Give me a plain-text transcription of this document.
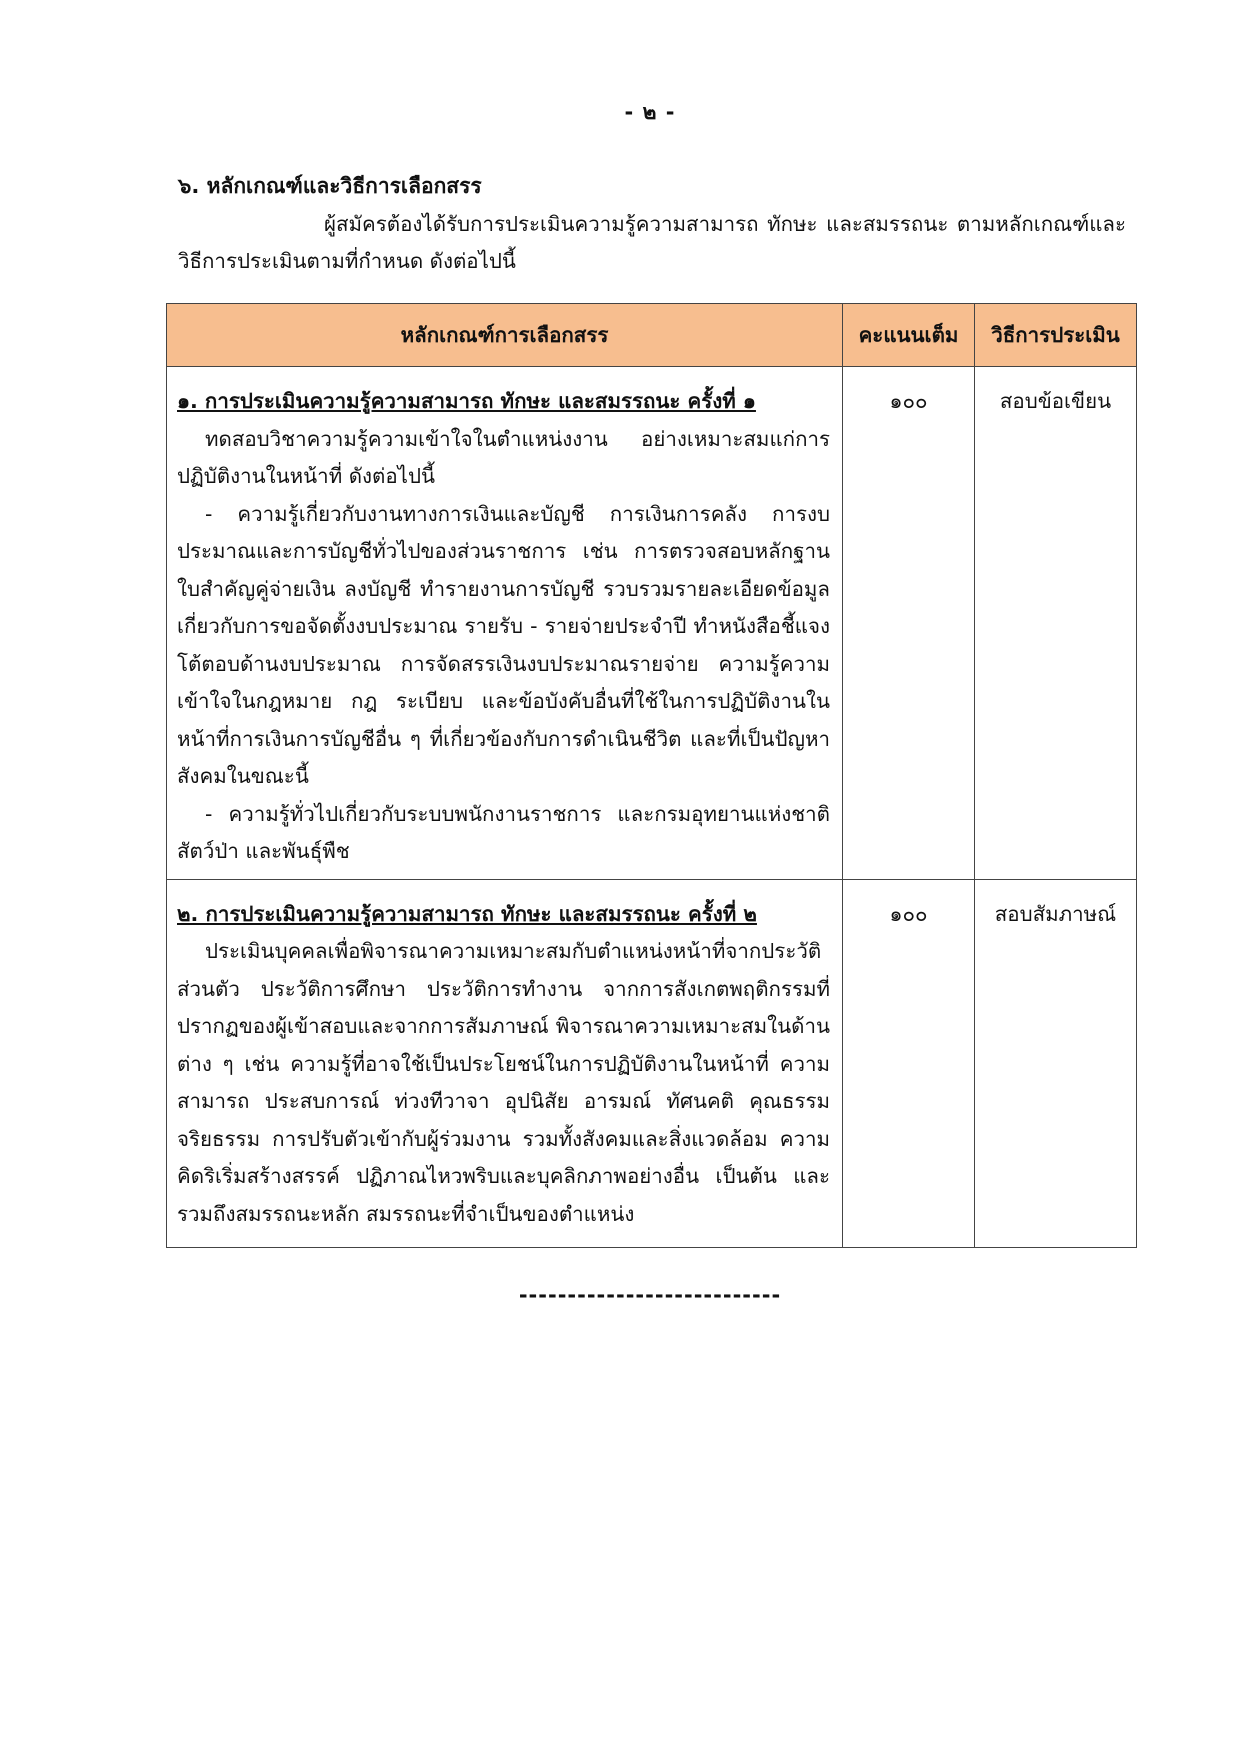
- ๒ -
๖. หลักเกณฑ์และวิธีการเลือกสรร

ผู้สมัครต้องได้รับการประเมินความรู้ความสามารถ ทักษะ และสมรรถนะ ตามหลักเกณฑ์และวิธีการประเมินตามที่กำหนด ดังต่อไปนี้

หลักเกณฑ์การเลือกสรร	คะแนนเต็ม	วิธีการประเมิน

๑. การประเมินความรู้ความสามารถ ทักษะ และสมรรถนะ ครั้งที่ ๑

ทดสอบวิชาความรู้ความเข้าใจในตำแหน่งงาน อย่างเหมาะสมแก่การปฏิบัติงานในหน้าที่ ดังต่อไปนี้

- ความรู้เกี่ยวกับงานทางการเงินและบัญชี การเงินการคลัง การงบประมาณและการบัญชีทั่วไปของส่วนราชการ เช่น การตรวจสอบหลักฐานใบสำคัญคู่จ่ายเงิน ลงบัญชี ทำรายงานการบัญชี รวบรวมรายละเอียดข้อมูลเกี่ยวกับการขอจัดตั้งงบประมาณ รายรับ - รายจ่ายประจำปี ทำหนังสือชี้แจง โต้ตอบด้านงบประมาณ การจัดสรรเงินงบประมาณรายจ่าย ความรู้ความเข้าใจในกฎหมาย กฎ ระเบียบ และข้อบังคับอื่นที่ใช้ในการปฏิบัติงานในหน้าที่การเงินการบัญชีอื่น ๆ ที่เกี่ยวข้องกับการดำเนินชีวิต และที่เป็นปัญหาสังคมในขณะนี้

- ความรู้ทั่วไปเกี่ยวกับระบบพนักงานราชการ และกรมอุทยานแห่งชาติ สัตว์ป่า และพันธุ์พืช	๑๐๐	สอบข้อเขียน

๒. การประเมินความรู้ความสามารถ ทักษะ และสมรรถนะ ครั้งที่ ๒

ประเมินบุคคลเพื่อพิจารณาความเหมาะสมกับตำแหน่งหน้าที่จากประวัติส่วนตัว ประวัติการศึกษา ประวัติการทำงาน จากการสังเกตพฤติกรรมที่ปรากฏของผู้เข้าสอบและจากการสัมภาษณ์ พิจารณาความเหมาะสมในด้านต่าง ๆ เช่น ความรู้ที่อาจใช้เป็นประโยชน์ในการปฏิบัติงานในหน้าที่ ความสามารถ ประสบการณ์ ท่วงทีวาจา อุปนิสัย อารมณ์ ทัศนคติ คุณธรรม จริยธรรม การปรับตัวเข้ากับผู้ร่วมงาน รวมทั้งสังคมและสิ่งแวดล้อม ความคิดริเริ่มสร้างสรรค์ ปฏิภาณไหวพริบและบุคลิกภาพอย่างอื่น เป็นต้น และรวมถึงสมรรถนะหลัก สมรรถนะที่จำเป็นของตำแหน่ง	๑๐๐	สอบสัมภาษณ์
---------------------------
